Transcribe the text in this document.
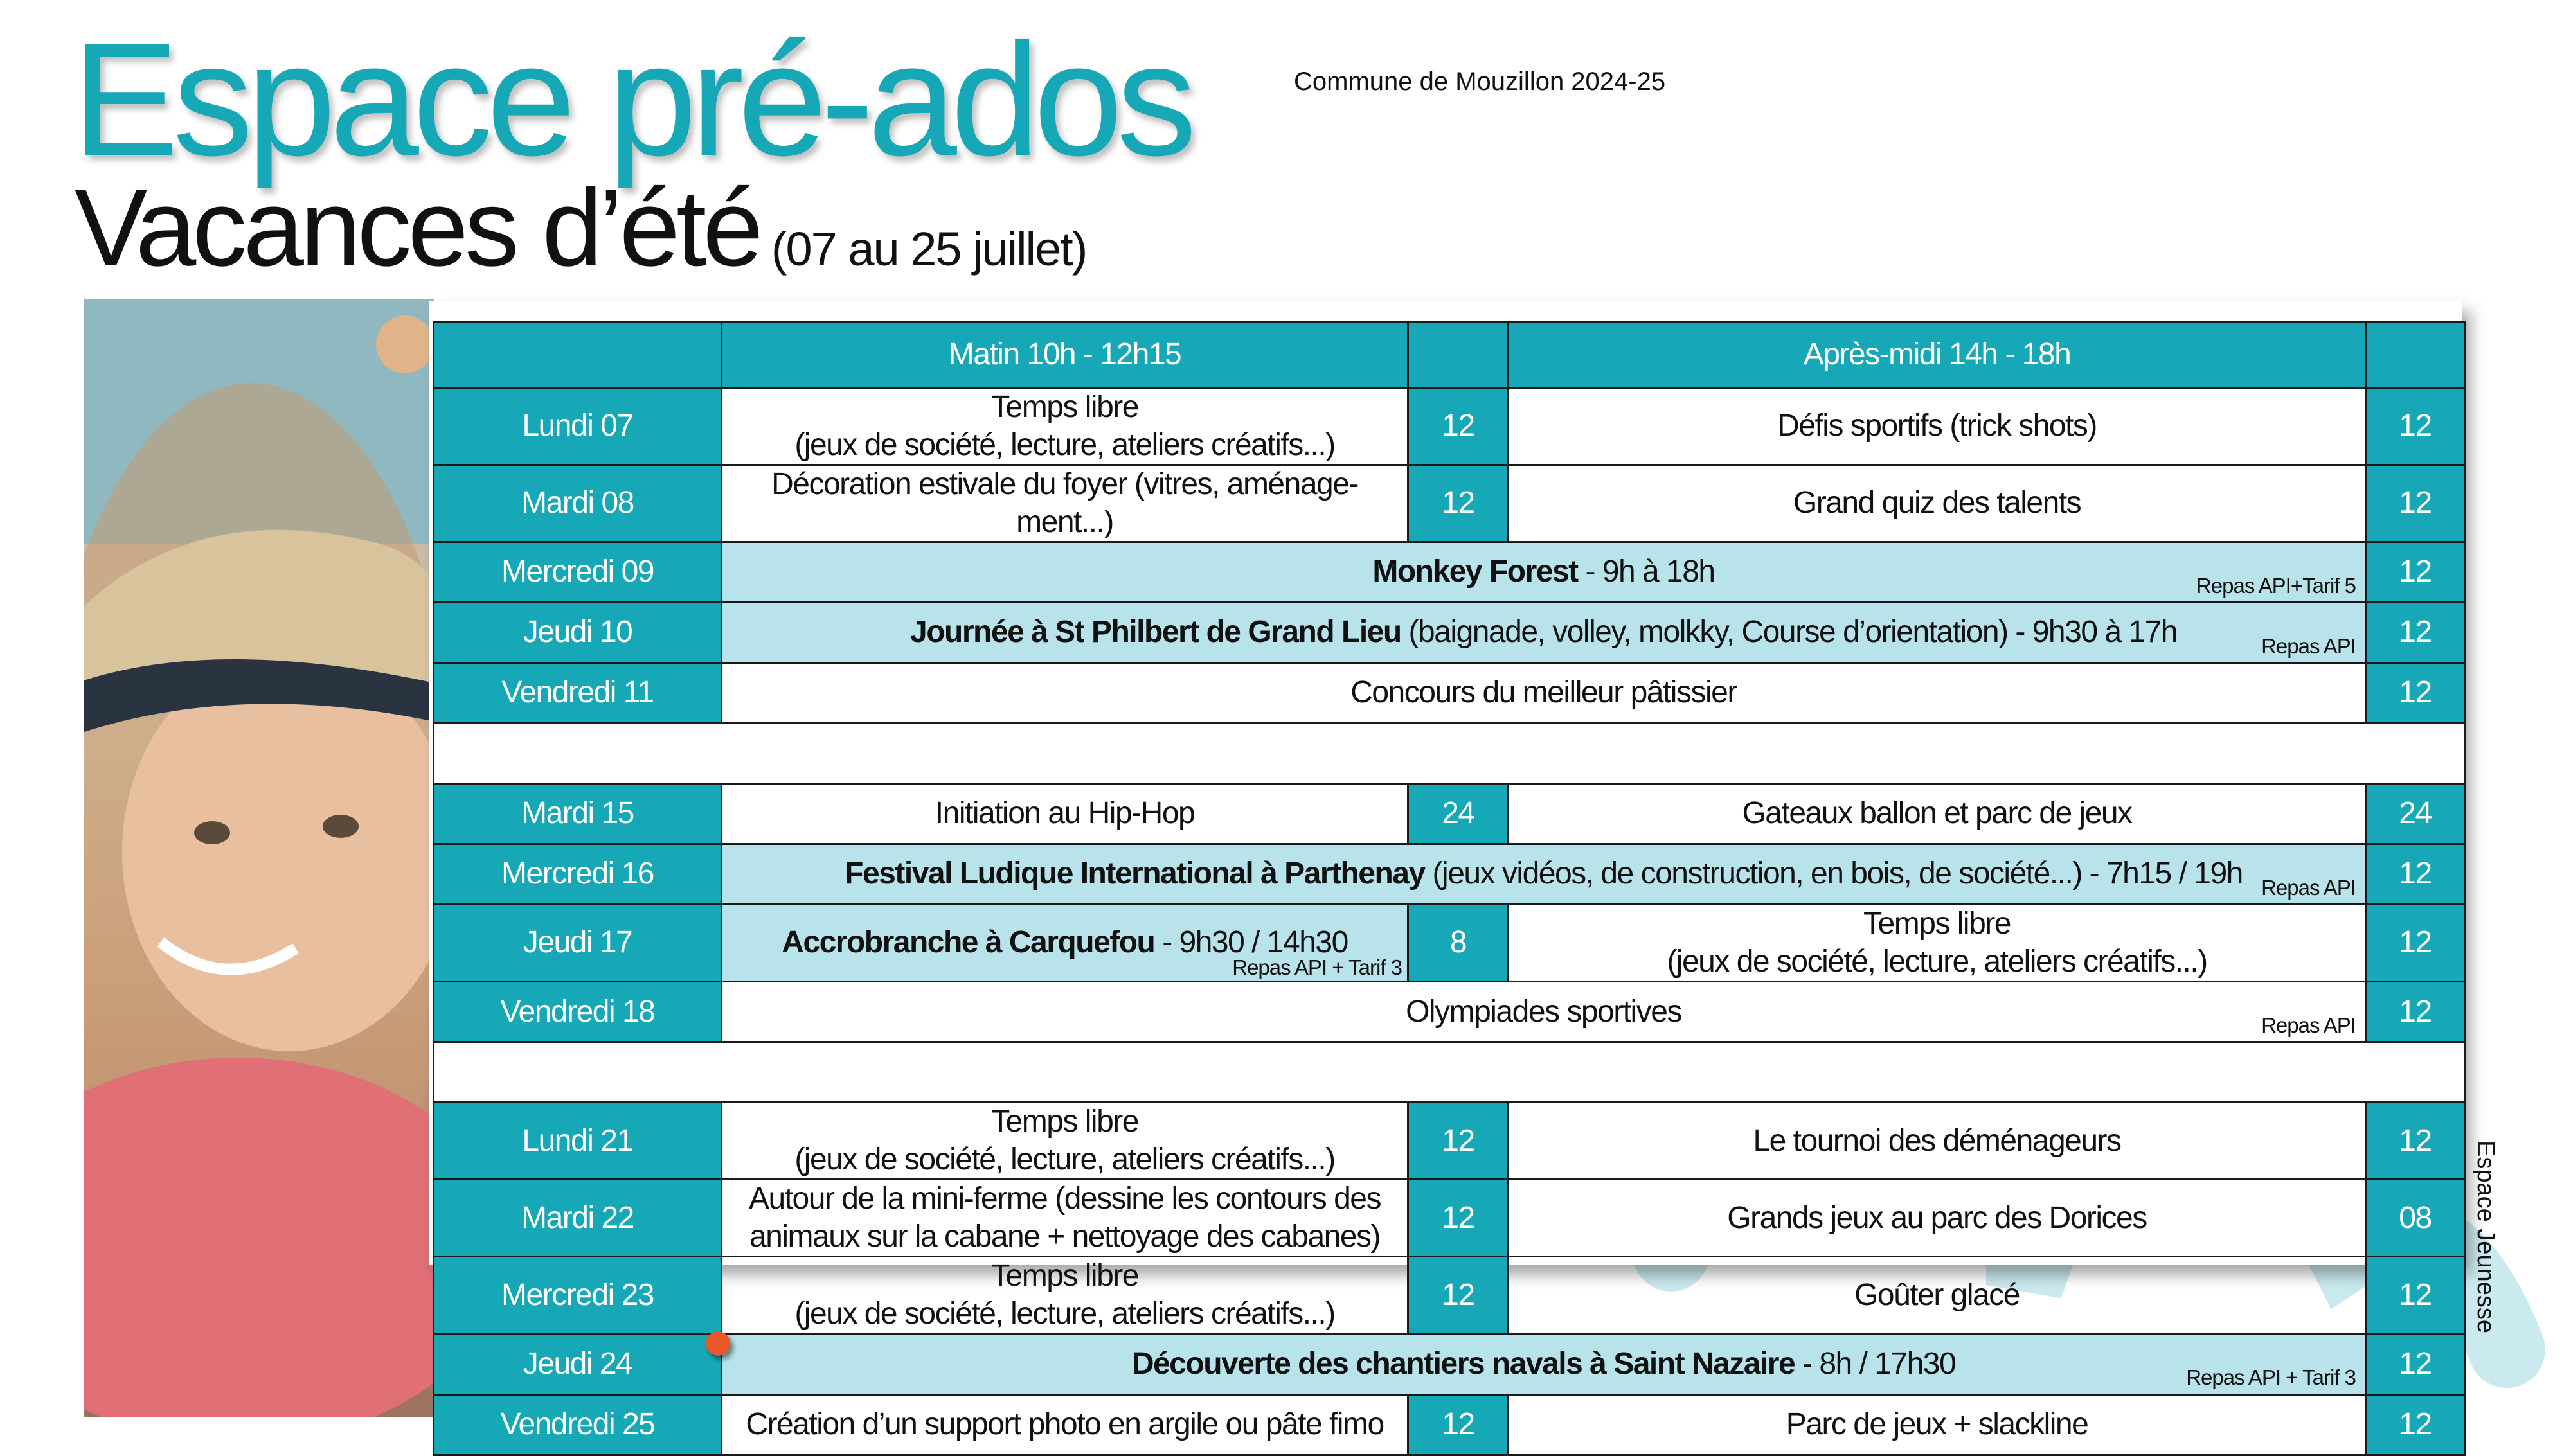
Espace pré-ados
Vacances d’été (07 au 25 juillet)
Commune de Mouzillon 2024-25
	Matin 10h - 12h15		Après-midi 14h - 18h	
Lundi 07	Temps libre
(jeux de société, lecture, ateliers créatifs...)	12	Défis sportifs (trick shots)	12
Mardi 08	Décoration estivale du foyer (vitres, aménage-
ment...)	12	Grand quiz des talents	12
Mercredi 09	Monkey Forest - 9h à 18h Repas API+Tarif 5			12
Jeudi 10	Journée à St Philbert de Grand Lieu (baignade, volley, molkky, Course d’orientation) - 9h30 à 17h Repas API			12
Vendredi 11	Concours du meilleur pâtissier			12

Mardi 15	Initiation au Hip-Hop	24	Gateaux ballon et parc de jeux	24
Mercredi 16	Festival Ludique International à Parthenay (jeux vidéos, de construction, en bois, de société...) - 7h15 / 19h Repas API			12
Jeudi 17	Accrobranche à Carquefou - 9h30 / 14h30
Repas API + Tarif 3	8	Temps libre
(jeux de société, lecture, ateliers créatifs...)	12
Vendredi 18	Olympiades sportives Repas API			12

Lundi 21	Temps libre
(jeux de société, lecture, ateliers créatifs...)	12	Le tournoi des déménageurs	12
Mardi 22	Autour de la mini-ferme (dessine les contours des
animaux sur la cabane + nettoyage des cabanes)	12	Grands jeux au parc des Dorices	08
Mercredi 23	Temps libre
(jeux de société, lecture, ateliers créatifs...)	12	Goûter glacé	12
Jeudi 24	Découverte des chantiers navals à Saint Nazaire - 8h / 17h30 Repas API + Tarif 3			12
Vendredi 25	Création d’un support photo en argile ou pâte fimo	12	Parc de jeux + slackline	12
Espace Jeunesse
